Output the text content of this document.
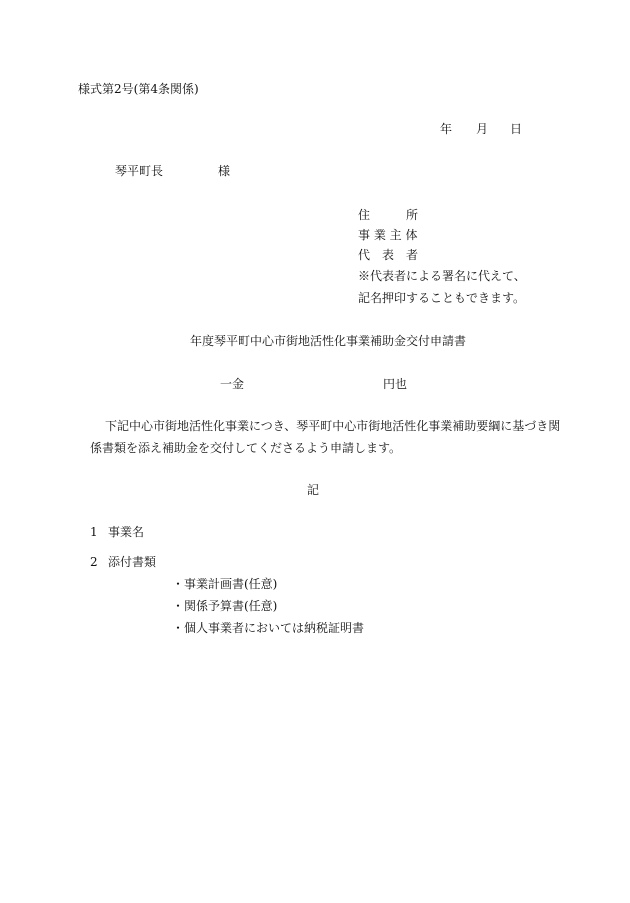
様式第2号(第4条関係)
年 月 日
琴平町長	様
住　　　所
事 業 主 体
代　表　者
※代表者による署名に代えて、
記名押印することもできます。
年度琴平町中心市街地活性化事業補助金交付申請書
一金	円也
下記中心市街地活性化事業につき、琴平町中心市街地活性化事業補助要綱に基づき関
係書類を添え補助金を交付してくださるよう申請します。
記
1 事業名
2 添付書類
・事業計画書(任意)
・関係予算書(任意)
・個人事業者においては納税証明書
